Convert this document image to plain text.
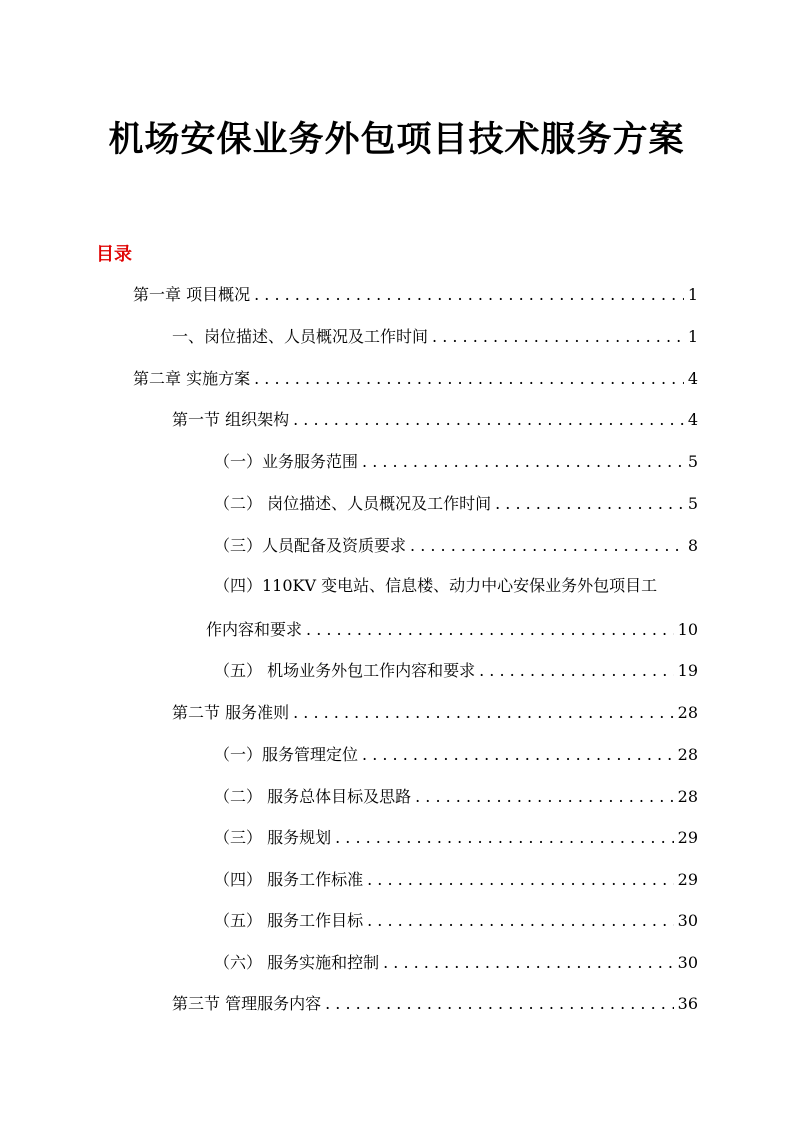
机场安保业务外包项目技术服务方案
目录
第一章 项目概况 . . .	1
一、岗位描述、人员概况及工作时间 . . .	1
第二章 实施方案 . . .	4
第一节 组织架构 . . .	4
（一）业务服务范围 . . .	5
（二） 岗位描述、人员概况及工作时间 . . .	5
（三）人员配备及资质要求 . . .	8
（四）110KV 变电站、信息楼、动力中心安保业务外包项目工
作内容和要求 . . .	10
（五） 机场业务外包工作内容和要求 . . .	19
第二节 服务准则 . . .	28
（一）服务管理定位 . . .	28
（二） 服务总体目标及思路 . . .	28
（三） 服务规划 . . .	29
（四） 服务工作标准 . . .	29
（五） 服务工作目标 . . .	30
（六） 服务实施和控制 . . .	30
第三节 管理服务内容 . . .	36
